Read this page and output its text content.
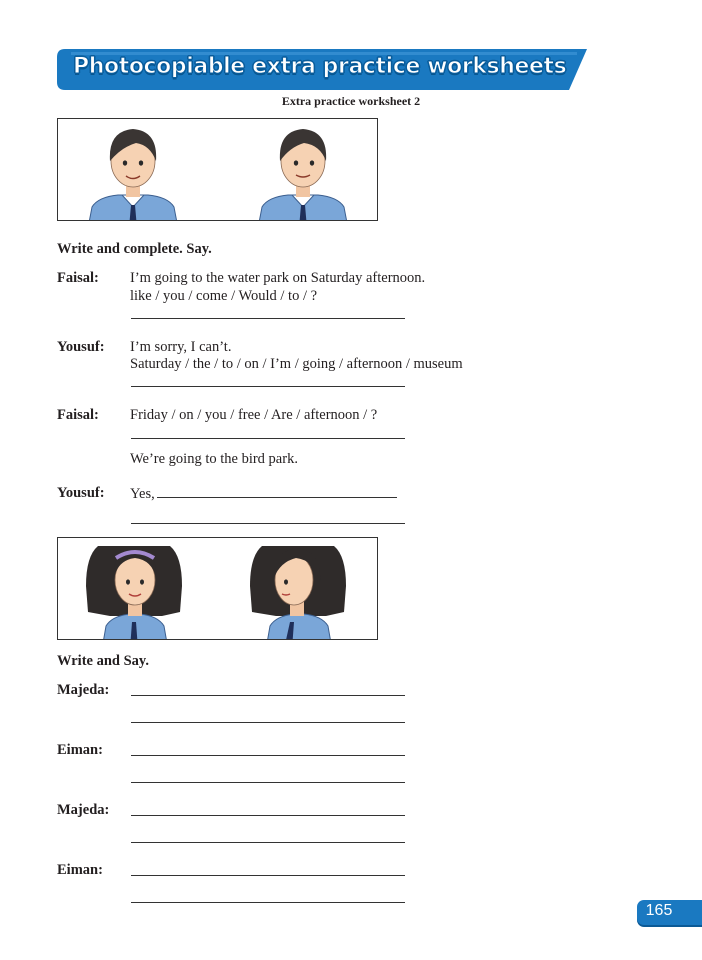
Photocopiable extra practice worksheets

Extra practice worksheet 2

Write and complete. Say.
Faisal: I’m going to the water park on Saturday afternoon.
like / you / come / Would / to / ?
Yousuf: I’m sorry, I can’t.
Saturday / the / to / on / I’m / going / afternoon / museum
Faisal: Friday / on / you / free / Are / afternoon / ?
We’re going to the bird park.
Yousuf: Yes,
Write and Say.
Majeda:
Eiman:
Majeda:
Eiman:
165
